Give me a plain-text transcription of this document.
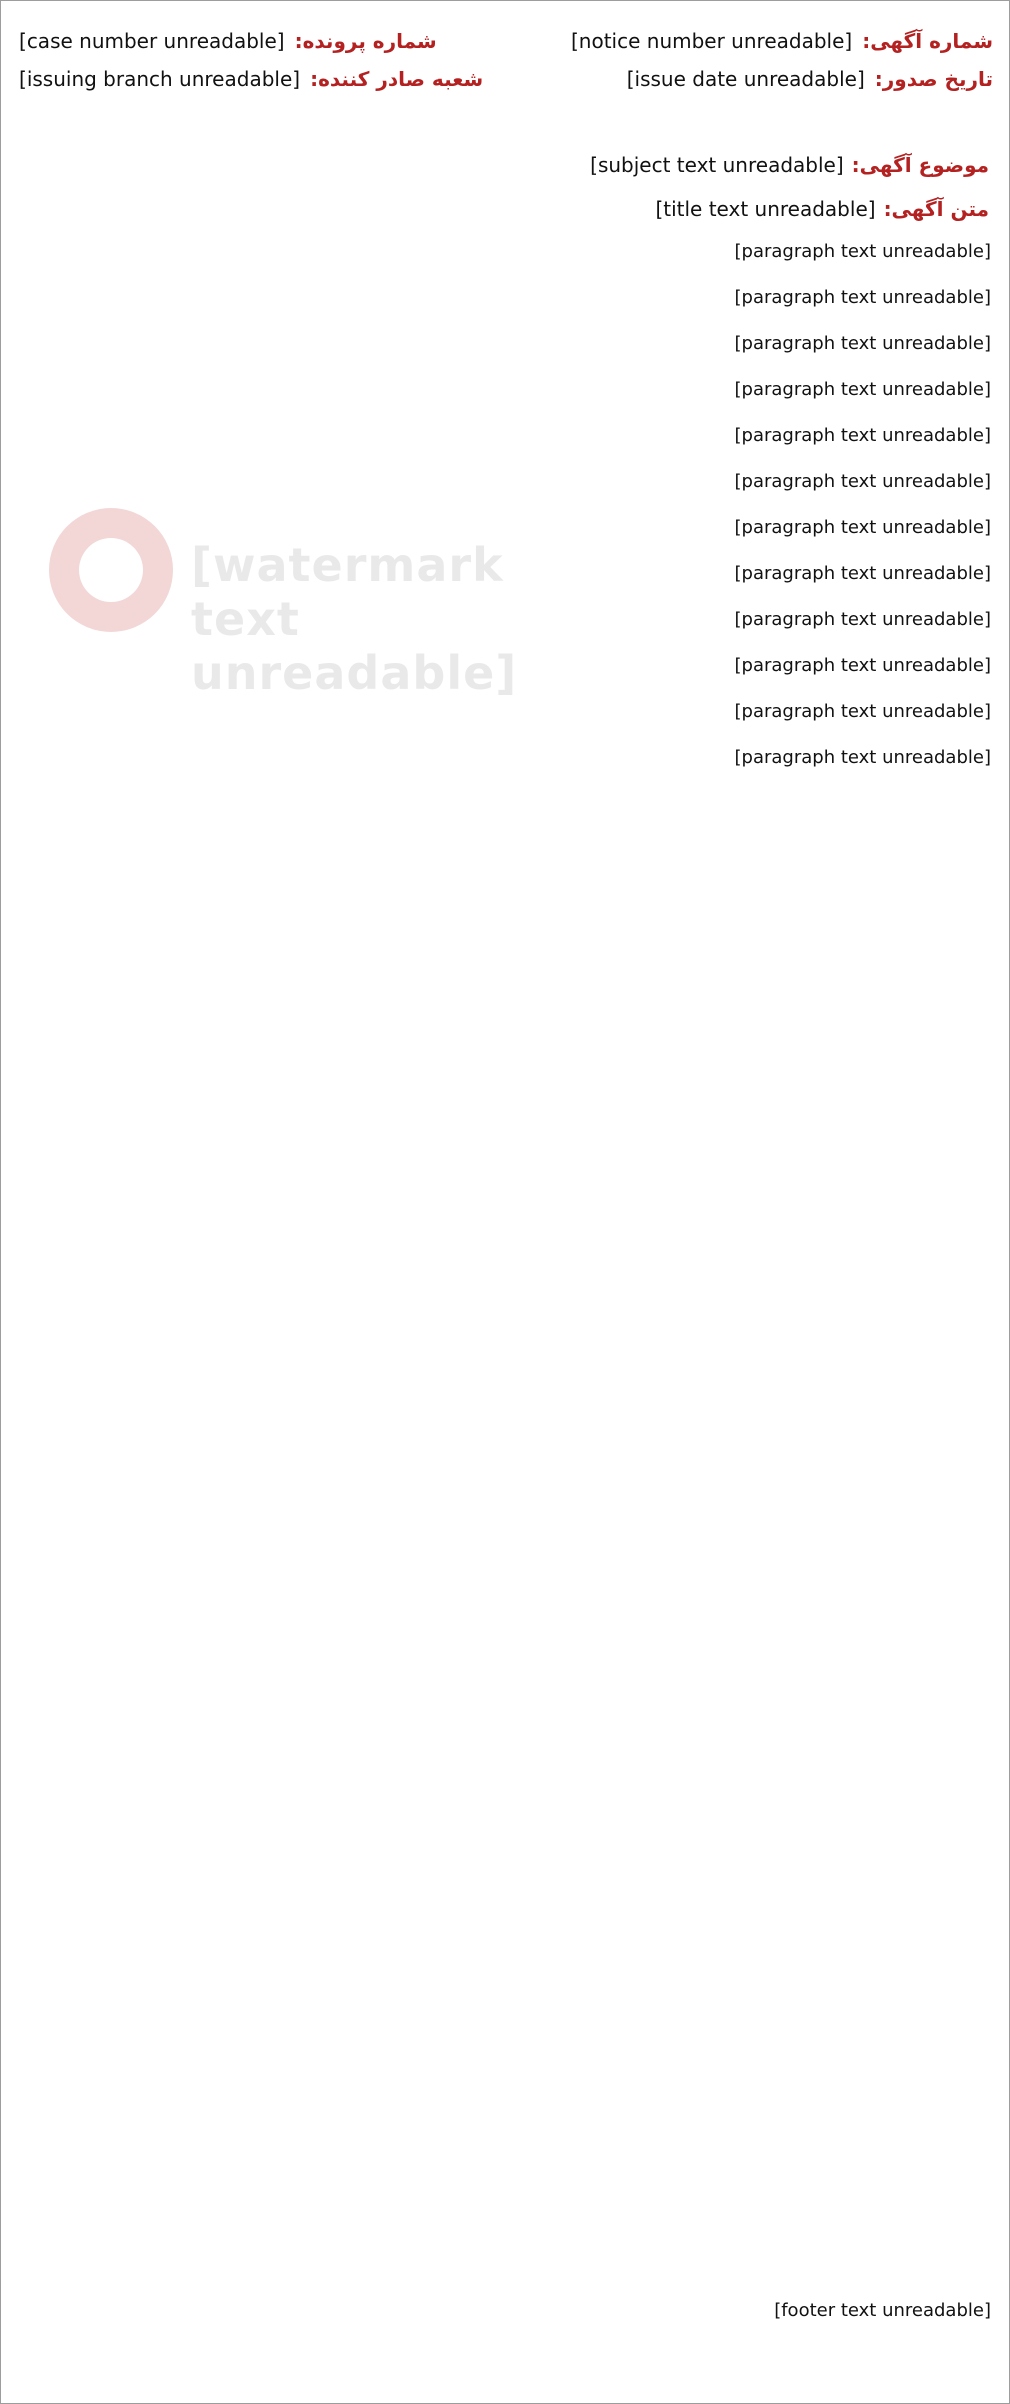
شماره آگهی:
[notice number unreadable]
شماره پرونده:
[case number unreadable]
تاریخ صدور:
[issue date unreadable]
شعبه صادر کننده:
[issuing branch unreadable]
موضوع آگهی:
[subject text unreadable]
متن آگهی:
[title text unreadable]
[watermark text unreadable]

[paragraph text unreadable]

[paragraph text unreadable]

[paragraph text unreadable]

[paragraph text unreadable]

[paragraph text unreadable]

[paragraph text unreadable]

[paragraph text unreadable]

[paragraph text unreadable]

[paragraph text unreadable]

[paragraph text unreadable]

[paragraph text unreadable]

[paragraph text unreadable]

[footer text unreadable]
